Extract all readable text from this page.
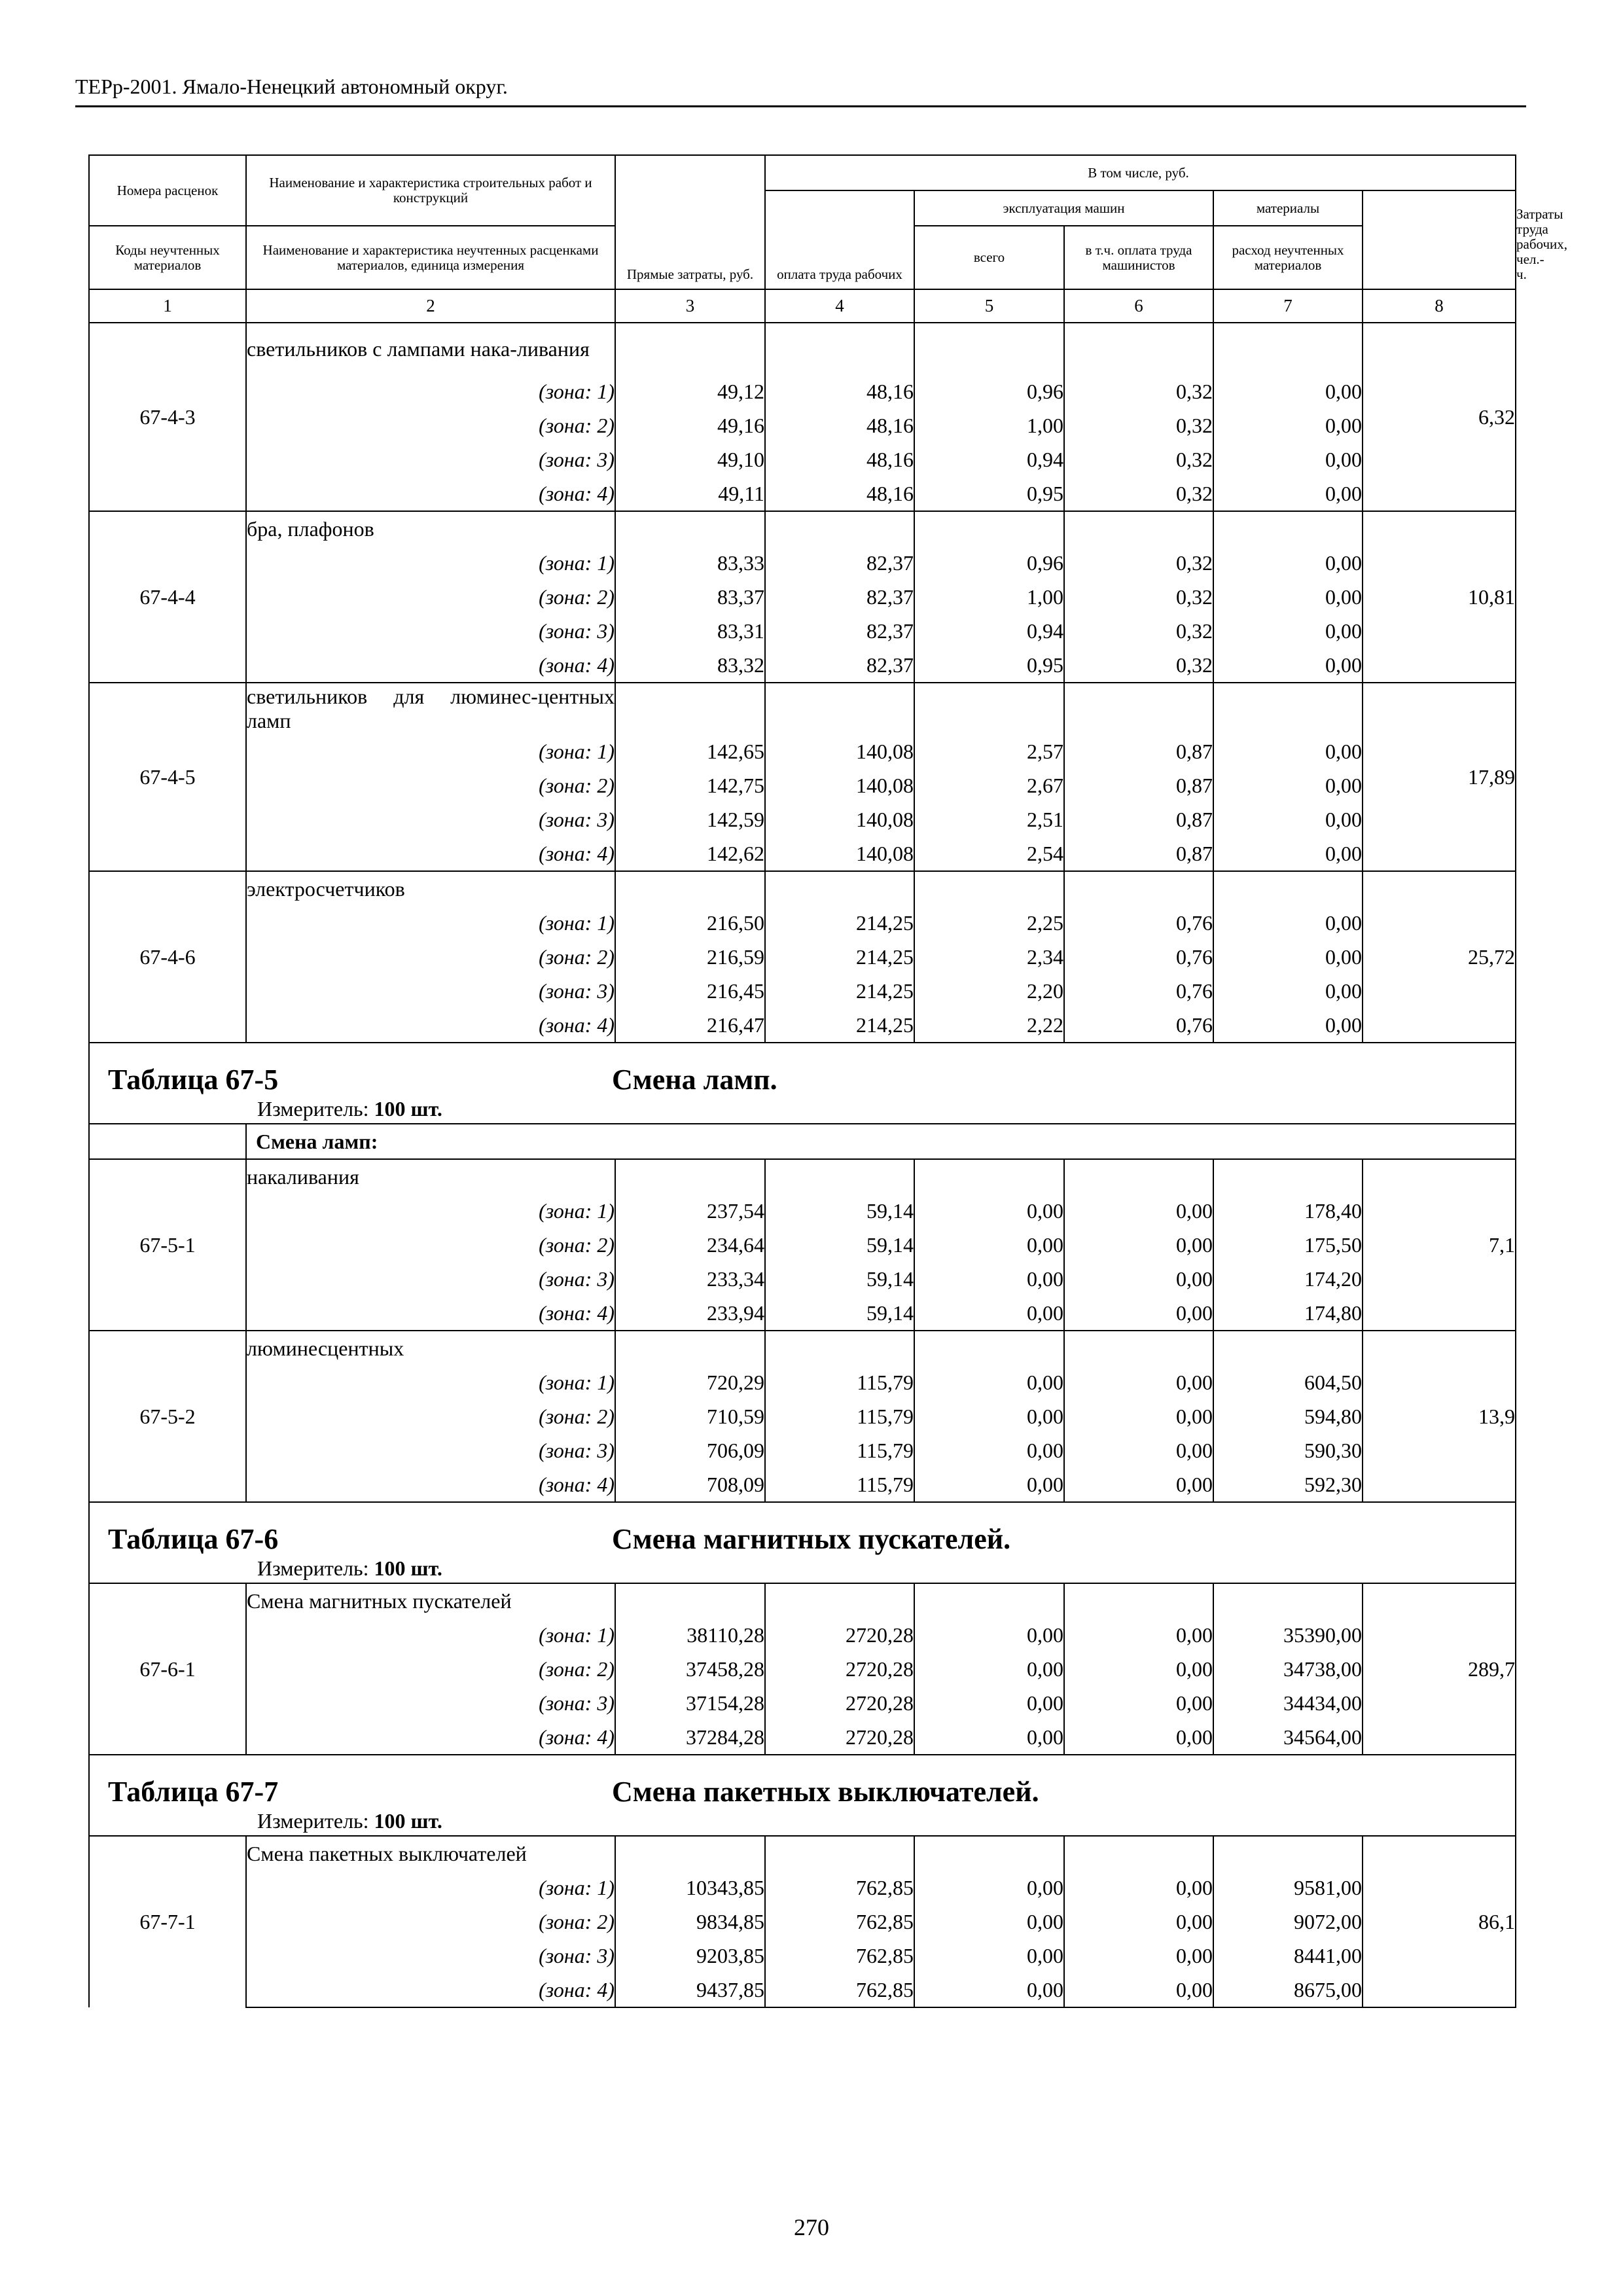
ТЕРр-2001. Ямало-Ненецкий автономный округ.
Номера расценок	Наименование и характеристика строительных работ и конструкций	Прямые затраты, руб.		В том числе, руб.				Затраты труда рабочих, чел.-ч.
			оплата труда рабочих	эксплуатация машин		материалы		
Коды неучтенных материалов	Наименование и характеристика неучтенных расценками материалов, единица измерения			всего	в т.ч. оплата труда машинистов	расход неучтенных материалов		
1	2	3	4	5	6	7	8	
67-4-3	светильников с лампами нака-ливания						6,32	
	(зона: 1)	49,12	48,16	0,96	0,32	0,00		
	(зона: 2)	49,16	48,16	1,00	0,32	0,00		
	(зона: 3)	49,10	48,16	0,94	0,32	0,00		
	(зона: 4)	49,11	48,16	0,95	0,32	0,00		
67-4-4	бра, плафонов						10,81	
	(зона: 1)	83,33	82,37	0,96	0,32	0,00		
	(зона: 2)	83,37	82,37	1,00	0,32	0,00		
	(зона: 3)	83,31	82,37	0,94	0,32	0,00		
	(зона: 4)	83,32	82,37	0,95	0,32	0,00		
67-4-5	светильников для люминес-центных ламп						17,89	
	(зона: 1)	142,65	140,08	2,57	0,87	0,00		
	(зона: 2)	142,75	140,08	2,67	0,87	0,00		
	(зона: 3)	142,59	140,08	2,51	0,87	0,00		
	(зона: 4)	142,62	140,08	2,54	0,87	0,00		
67-4-6	электросчетчиков						25,72	
	(зона: 1)	216,50	214,25	2,25	0,76	0,00		
	(зона: 2)	216,59	214,25	2,34	0,76	0,00		
	(зона: 3)	216,45	214,25	2,20	0,76	0,00		
	(зона: 4)	216,47	214,25	2,22	0,76	0,00		
Таблица 67-5 Смена ламп.								
Измеритель: 100 шт.								
	Смена ламп:							
67-5-1	накаливания						7,1	
	(зона: 1)	237,54	59,14	0,00	0,00	178,40		
	(зона: 2)	234,64	59,14	0,00	0,00	175,50		
	(зона: 3)	233,34	59,14	0,00	0,00	174,20		
	(зона: 4)	233,94	59,14	0,00	0,00	174,80		
67-5-2	люминесцентных						13,9	
	(зона: 1)	720,29	115,79	0,00	0,00	604,50		
	(зона: 2)	710,59	115,79	0,00	0,00	594,80		
	(зона: 3)	706,09	115,79	0,00	0,00	590,30		
	(зона: 4)	708,09	115,79	0,00	0,00	592,30		
Таблица 67-6 Смена магнитных пускателей.								
Измеритель: 100 шт.								
67-6-1	Смена магнитных пускателей						289,7	
	(зона: 1)	38110,28	2720,28	0,00	0,00	35390,00		
	(зона: 2)	37458,28	2720,28	0,00	0,00	34738,00		
	(зона: 3)	37154,28	2720,28	0,00	0,00	34434,00		
	(зона: 4)	37284,28	2720,28	0,00	0,00	34564,00		
Таблица 67-7 Смена пакетных выключателей.								
Измеритель: 100 шт.								
67-7-1	Смена пакетных выключателей						86,1	
	(зона: 1)	10343,85	762,85	0,00	0,00	9581,00		
	(зона: 2)	9834,85	762,85	0,00	0,00	9072,00		
	(зона: 3)	9203,85	762,85	0,00	0,00	8441,00		
	(зона: 4)	9437,85	762,85	0,00	0,00	8675,00		
270
